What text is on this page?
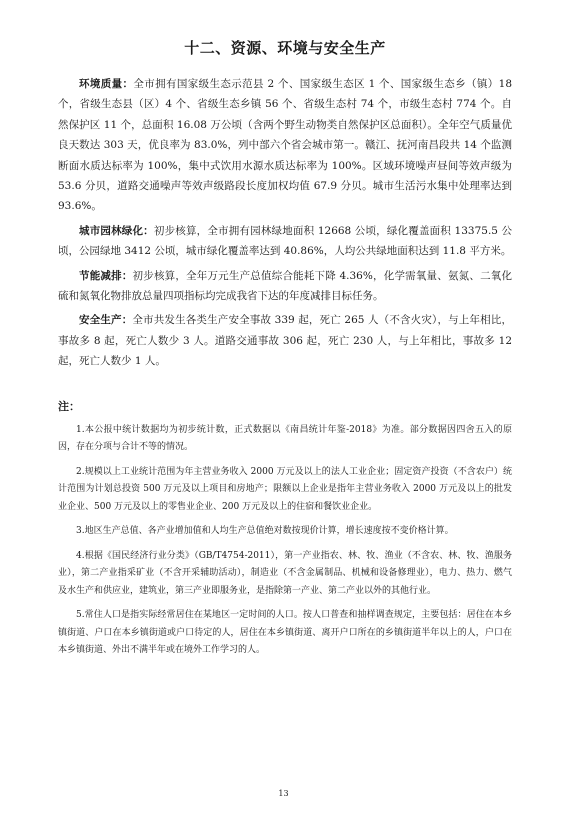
十二、资源、环境与安全生产

环境质量：全市拥有国家级生态示范县 2 个、国家级生态区 1 个、国家级生态乡（镇）18 个，省级生态县（区）4 个、省级生态乡镇 56 个、省级生态村 74 个，市级生态村 774 个。自然保护区 11 个，总面积 16.08 万公顷（含两个野生动物类自然保护区总面积）。全年空气质量优良天数达 303 天，优良率为 83.0%，列中部六个省会城市第一。赣江、抚河南昌段共 14 个监测断面水质达标率为 100%，集中式饮用水源水质达标率为 100%。区域环境噪声昼间等效声级为 53.6 分贝，道路交通噪声等效声级路段长度加权均值 67.9 分贝。城市生活污水集中处理率达到 93.6%。

城市园林绿化：初步核算，全市拥有园林绿地面积 12668 公顷，绿化覆盖面积 13375.5 公顷，公园绿地 3412 公顷，城市绿化覆盖率达到 40.86%，人均公共绿地面积达到 11.8 平方米。

节能减排：初步核算，全年万元生产总值综合能耗下降 4.36%，化学需氧量、氨氮、二氧化硫和氮氧化物排放总量四项指标均完成我省下达的年度减排目标任务。

安全生产：全市共发生各类生产安全事故 339 起，死亡 265 人（不含火灾），与上年相比，事故多 8 起，死亡人数少 3 人。道路交通事故 306 起，死亡 230 人，与上年相比，事故多 12 起，死亡人数少 1 人。

注：

1.本公报中统计数据均为初步统计数，正式数据以《南昌统计年鉴-2018》为准。部分数据因四舍五入的原因，存在分项与合计不等的情况。

2.规模以上工业统计范围为年主营业务收入 2000 万元及以上的法人工业企业；固定资产投资（不含农户）统计范围为计划总投资 500 万元及以上项目和房地产；限额以上企业是指年主营业务收入 2000 万元及以上的批发业企业、500 万元及以上的零售业企业、200 万元及以上的住宿和餐饮业企业。

3.地区生产总值、各产业增加值和人均生产总值绝对数按现价计算，增长速度按不变价格计算。

4.根据《国民经济行业分类》（GB/T4754-2011），第一产业指农、林、牧、渔业（不含农、林、牧、渔服务业），第二产业指采矿业（不含开采辅助活动），制造业（不含金属制品、机械和设备修理业），电力、热力、燃气及水生产和供应业，建筑业，第三产业即服务业，是指除第一产业、第二产业以外的其他行业。

5.常住人口是指实际经常居住在某地区一定时间的人口。按人口普查和抽样调查规定，主要包括：居住在本乡镇街道、户口在本乡镇街道或户口待定的人，居住在本乡镇街道、离开户口所在的乡镇街道半年以上的人，户口在本乡镇街道、外出不满半年或在境外工作学习的人。

13
